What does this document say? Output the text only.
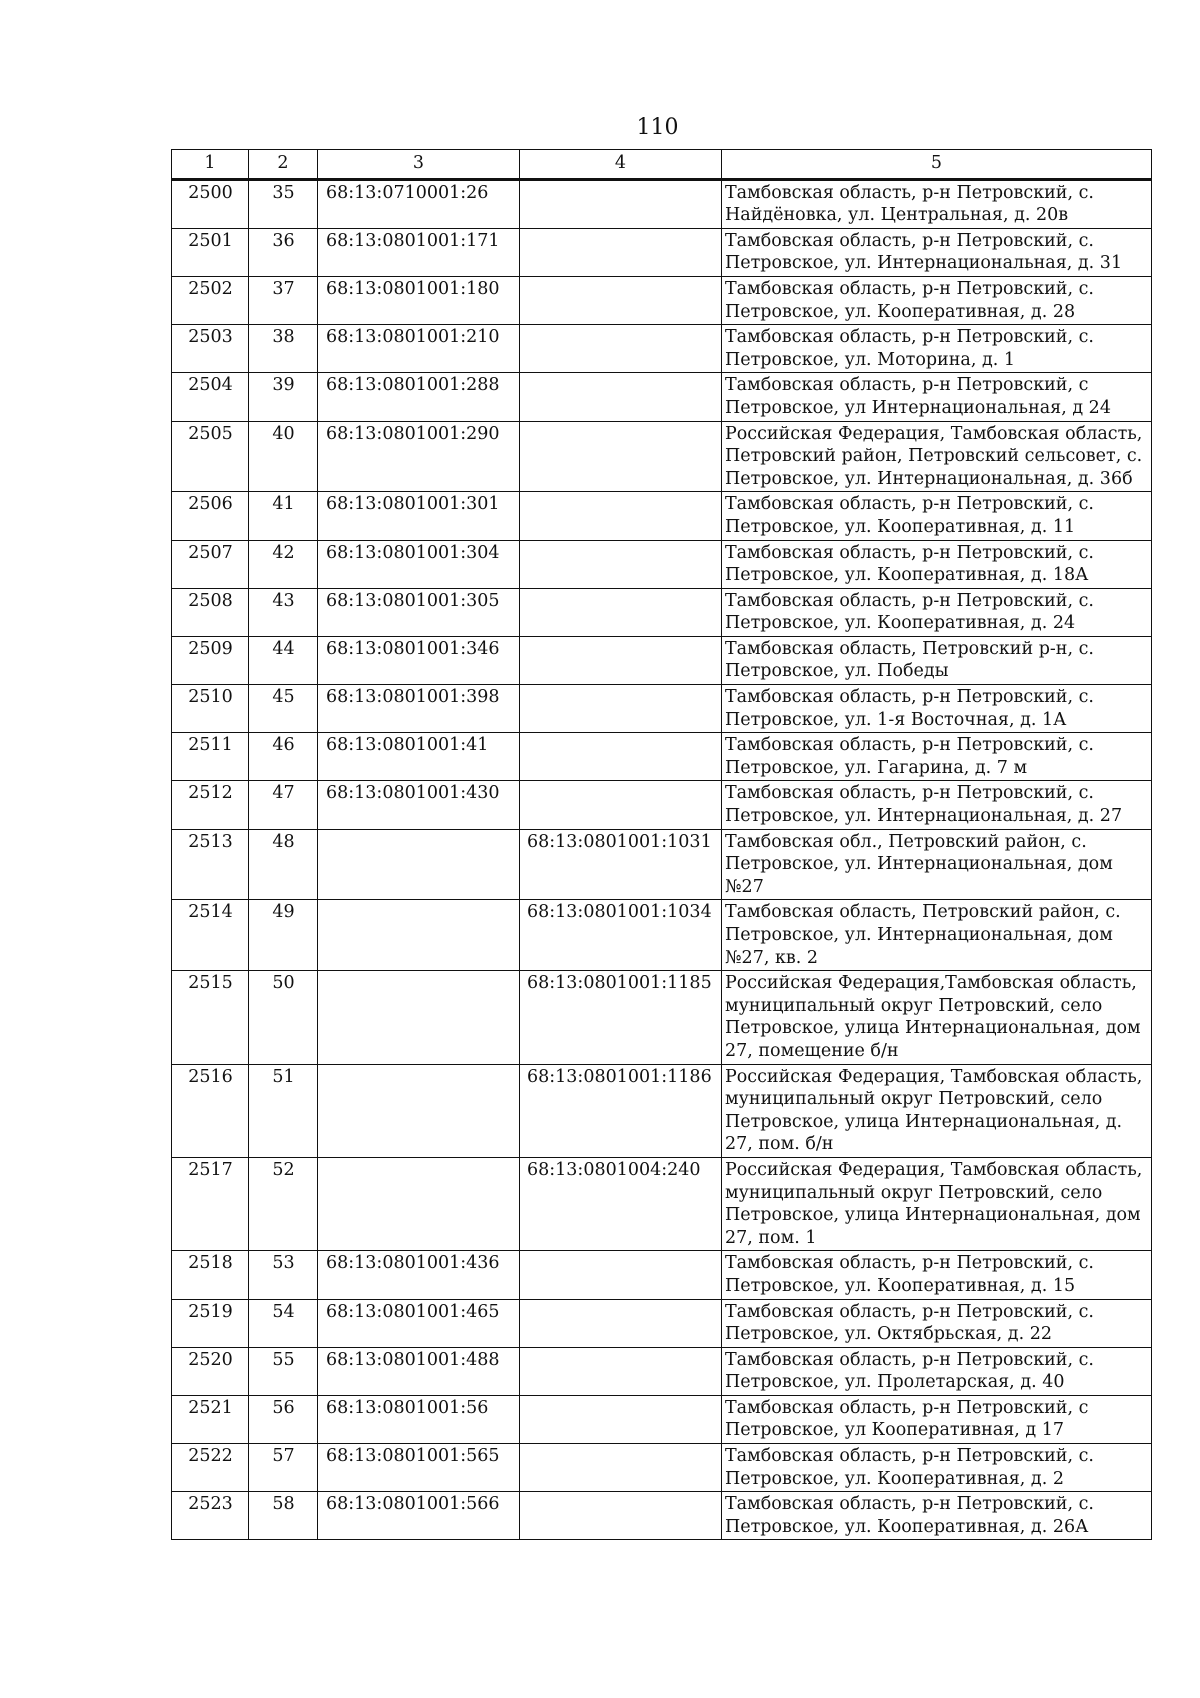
110
1	2	3	4	5
2500	35	68:13:0710001:26		Тамбовская область, р-н Петровский, с. Найдёновка, ул. Центральная, д. 20в
2501	36	68:13:0801001:171		Тамбовская область, р-н Петровский, с. Петровское, ул. Интернациональная, д. 31
2502	37	68:13:0801001:180		Тамбовская область, р-н Петровский, с. Петровское, ул. Кооперативная, д. 28
2503	38	68:13:0801001:210		Тамбовская область, р-н Петровский, с. Петровское, ул. Моторина, д. 1
2504	39	68:13:0801001:288		Тамбовская область, р-н Петровский, с Петровское, ул Интернациональная, д 24
2505	40	68:13:0801001:290		Российская Федерация, Тамбовская область, Петровский район, Петровский сельсовет, с. Петровское, ул. Интернациональная, д. 36б
2506	41	68:13:0801001:301		Тамбовская область, р-н Петровский, с. Петровское, ул. Кооперативная, д. 11
2507	42	68:13:0801001:304		Тамбовская область, р-н Петровский, с. Петровское, ул. Кооперативная, д. 18А
2508	43	68:13:0801001:305		Тамбовская область, р-н Петровский, с. Петровское, ул. Кооперативная, д. 24
2509	44	68:13:0801001:346		Тамбовская область, Петровский р-н, с. Петровское, ул. Победы
2510	45	68:13:0801001:398		Тамбовская область, р-н Петровский, с. Петровское, ул. 1-я Восточная, д. 1А
2511	46	68:13:0801001:41		Тамбовская область, р-н Петровский, с. Петровское, ул. Гагарина, д. 7 м
2512	47	68:13:0801001:430		Тамбовская область, р-н Петровский, с. Петровское, ул. Интернациональная, д. 27
2513	48		68:13:0801001:1031	Тамбовская обл., Петровский район, с. Петровское, ул. Интернациональная, дом №27
2514	49		68:13:0801001:1034	Тамбовская область, Петровский район, с. Петровское, ул. Интернациональная, дом №27, кв. 2
2515	50		68:13:0801001:1185	Российская Федерация,Тамбовская область, муниципальный округ Петровский, село Петровское, улица Интернациональная, дом 27, помещение б/н
2516	51		68:13:0801001:1186	Российская Федерация, Тамбовская область, муниципальный округ Петровский, село Петровское, улица Интернациональная, д. 27, пом. б/н
2517	52		68:13:0801004:240	Российская Федерация, Тамбовская область, муниципальный округ Петровский, село Петровское, улица Интернациональная, дом 27, пом. 1
2518	53	68:13:0801001:436		Тамбовская область, р-н Петровский, с. Петровское, ул. Кооперативная, д. 15
2519	54	68:13:0801001:465		Тамбовская область, р-н Петровский, с. Петровское, ул. Октябрьская, д. 22
2520	55	68:13:0801001:488		Тамбовская область, р-н Петровский, с. Петровское, ул. Пролетарская, д. 40
2521	56	68:13:0801001:56		Тамбовская область, р-н Петровский, с Петровское, ул Кооперативная, д 17
2522	57	68:13:0801001:565		Тамбовская область, р-н Петровский, с. Петровское, ул. Кооперативная, д. 2
2523	58	68:13:0801001:566		Тамбовская область, р-н Петровский, с. Петровское, ул. Кооперативная, д. 26А
